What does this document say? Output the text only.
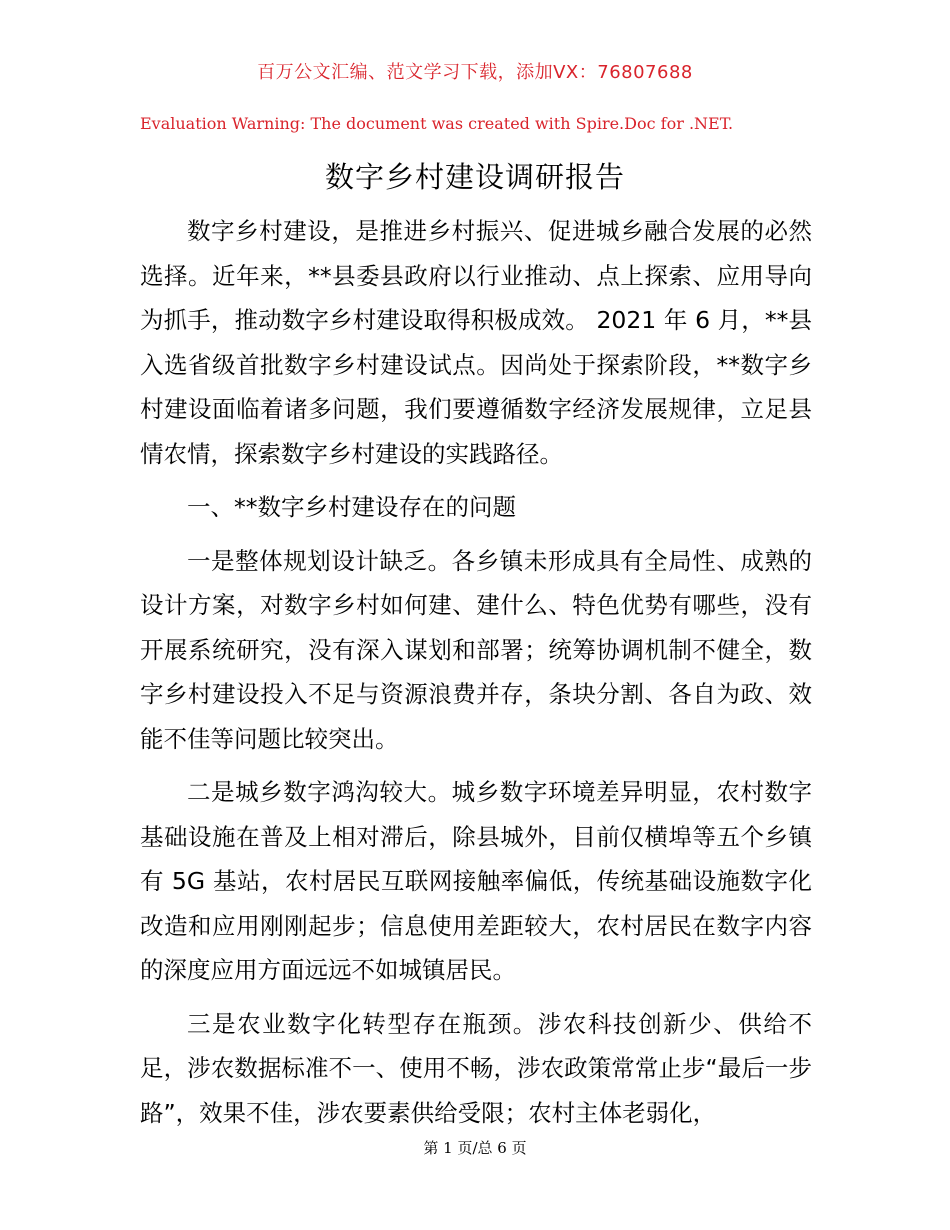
百万公文汇编、范文学习下载，添加VX：76807688
Evaluation Warning: The document was created with Spire.Doc for .NET.
数字乡村建设调研报告

数字乡村建设，是推进乡村振兴、促进城乡融合发展的必然选择。近年来，**县委县政府以行业推动、点上探索、应用导向为抓手，推动数字乡村建设取得积极成效。 2021 年 6 月，**县入选省级首批数字乡村建设试点。因尚处于探索阶段，**数字乡村建设面临着诸多问题，我们要遵循数字经济发展规律，立足县情农情，探索数字乡村建设的实践路径。

一、**数字乡村建设存在的问题

一是整体规划设计缺乏。各乡镇未形成具有全局性、成熟的设计方案，对数字乡村如何建、建什么、特色优势有哪些，没有开展系统研究，没有深入谋划和部署；统筹协调机制不健全，数字乡村建设投入不足与资源浪费并存，条块分割、各自为政、效能不佳等问题比较突出。

二是城乡数字鸿沟较大。城乡数字环境差异明显，农村数字基础设施在普及上相对滞后，除县城外，目前仅横埠等五个乡镇有 5G 基站，农村居民互联网接触率偏低，传统基础设施数字化改造和应用刚刚起步；信息使用差距较大，农村居民在数字内容的深度应用方面远远不如城镇居民。

三是农业数字化转型存在瓶颈。涉农科技创新少、供给不足，涉农数据标准不一、使用不畅，涉农政策常常止步“最后一步路”，效果不佳，涉农要素供给受限；农村主体老弱化，

第 1 页/总 6 页
